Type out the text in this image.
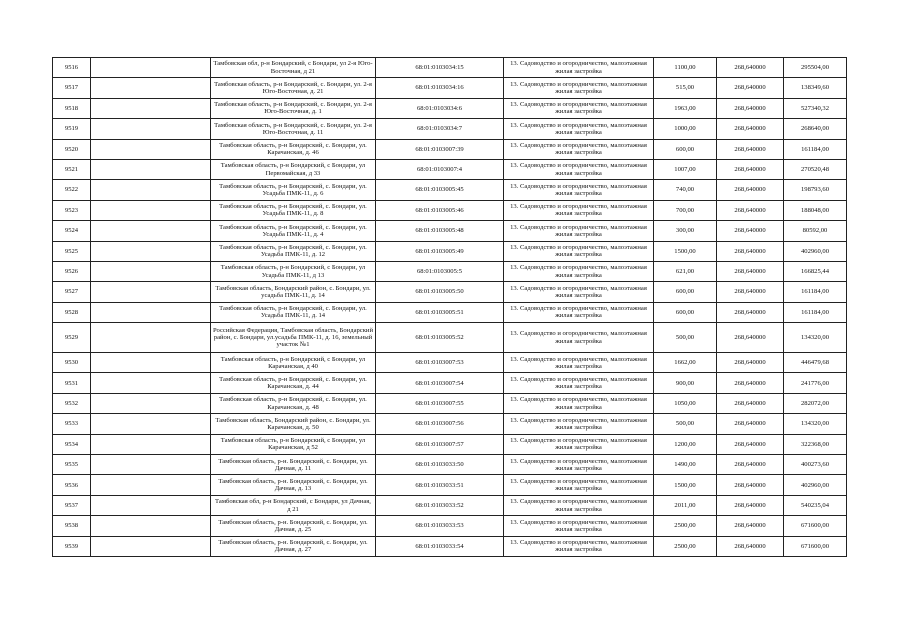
9516		Тамбовская обл, р-н Бондарский, с Бондари, ул 2-я Юго-Восточная, д 21	68:01:0103034:15	13. Садоводство и огородничество, малоэтажная жилая застройка	1100,00	268,640000	295504,00
9517		Тамбовская область, р-н Бондарский, с. Бондари, ул. 2-я Юго-Восточная, д. 21	68:01:0103034:16	13. Садоводство и огородничество, малоэтажная жилая застройка	515,00	268,640000	138349,60
9518		Тамбовская область, р-н Бондарский, с. Бондари, ул. 2-я Юго-Восточная, д. 1	68:01:0103034:6	13. Садоводство и огородничество, малоэтажная жилая застройка	1963,00	268,640000	527340,32
9519		Тамбовская область, р-н Бондарский, с. Бондари, ул. 2-я Юго-Восточная, д. 11	68:01:0103034:7	13. Садоводство и огородничество, малоэтажная жилая застройка	1000,00	268,640000	268640,00
9520		Тамбовская область, р-н Бондарский, с. Бондари, ул. Карачанская, д. 46	68:01:0103007:39	13. Садоводство и огородничество, малоэтажная жилая застройка	600,00	268,640000	161184,00
9521		Тамбовская область, р-н Бондарский, с Бондари, ул Первомайская, д 33	68:01:0103007:4	13. Садоводство и огородничество, малоэтажная жилая застройка	1007,00	268,640000	270520,48
9522		Тамбовская область, р-н Бондарский, с. Бондари, ул. Усадьба ПМК-11, д. 6	68:01:0103005:45	13. Садоводство и огородничество, малоэтажная жилая застройка	740,00	268,640000	198793,60
9523		Тамбовская область, р-н Бондарский, с. Бондари, ул. Усадьба ПМК-11, д. 8	68:01:0103005:46	13. Садоводство и огородничество, малоэтажная жилая застройка	700,00	268,640000	188048,00
9524		Тамбовская область, р-н Бондарский, с. Бондари, ул. Усадьба ПМК-11, д. 4	68:01:0103005:48	13. Садоводство и огородничество, малоэтажная жилая застройка	300,00	268,640000	80592,00
9525		Тамбовская область, р-н Бондарский, с. Бондари, ул. Усадьба ПМК-11, д. 12	68:01:0103005:49	13. Садоводство и огородничество, малоэтажная жилая застройка	1500,00	268,640000	402960,00
9526		Тамбовская область, р-н Бондарский, с Бондари, ул Усадьба ПМК-11, д 13	68:01:0103005:5	13. Садоводство и огородничество, малоэтажная жилая застройка	621,00	268,640000	166825,44
9527		Тамбовская область, Бондарский район, с. Бондари, ул. усадьба ПМК-11, д. 14	68:01:0103005:50	13. Садоводство и огородничество, малоэтажная жилая застройка	600,00	268,640000	161184,00
9528		Тамбовская область, р-н Бондарский, с. Бондари, ул. Усадьба ПМК-11, д. 14	68:01:0103005:51	13. Садоводство и огородничество, малоэтажная жилая застройка	600,00	268,640000	161184,00
9529		Российская Федерация, Тамбовская область, Бондарский район, с. Бондари, ул.усадьба ПМК-11, д. 16, земельный участок №1	68:01:0103005:52	13. Садоводство и огородничество, малоэтажная жилая застройка	500,00	268,640000	134320,00
9530		Тамбовская область, р-н Бондарский, с Бондари, ул Карачанская, д 40	68:01:0103007:53	13. Садоводство и огородничество, малоэтажная жилая застройка	1662,00	268,640000	446479,68
9531		Тамбовская область, р-н Бондарский, с. Бондари, ул. Карачанская, д. 44	68:01:0103007:54	13. Садоводство и огородничество, малоэтажная жилая застройка	900,00	268,640000	241776,00
9532		Тамбовская область, р-н Бондарский, с. Бондари, ул. Карачанская, д. 48	68:01:0103007:55	13. Садоводство и огородничество, малоэтажная жилая застройка	1050,00	268,640000	282072,00
9533		Тамбовская область, Бондарский район, с. Бондари, ул. Карачанская, д. 50	68:01:0103007:56	13. Садоводство и огородничество, малоэтажная жилая застройка	500,00	268,640000	134320,00
9534		Тамбовская область, р-н Бондарский, с Бондари, ул Карачанская, д 52	68:01:0103007:57	13. Садоводство и огородничество, малоэтажная жилая застройка	1200,00	268,640000	322368,00
9535		Тамбовская область, р-н. Бондарский, с. Бондари, ул. Дачная, д. 11	68:01:0103033:50	13. Садоводство и огородничество, малоэтажная жилая застройка	1490,00	268,640000	400273,60
9536		Тамбовская область, р-н. Бондарский, с. Бондари, ул. Дачная, д. 13	68:01:0103033:51	13. Садоводство и огородничество, малоэтажная жилая застройка	1500,00	268,640000	402960,00
9537		Тамбовская обл, р-н Бондарский, с Бондари, ул Дачная, д 21	68:01:0103033:52	13. Садоводство и огородничество, малоэтажная жилая застройка	2011,00	268,640000	540235,04
9538		Тамбовская область, р-н. Бондарский, с. Бондари, ул. Дачная, д. 25	68:01:0103033:53	13. Садоводство и огородничество, малоэтажная жилая застройка	2500,00	268,640000	671600,00
9539		Тамбовская область, р-н. Бондарский, с. Бондари, ул. Дачная, д. 27	68:01:0103033:54	13. Садоводство и огородничество, малоэтажная жилая застройка	2500,00	268,640000	671600,00
